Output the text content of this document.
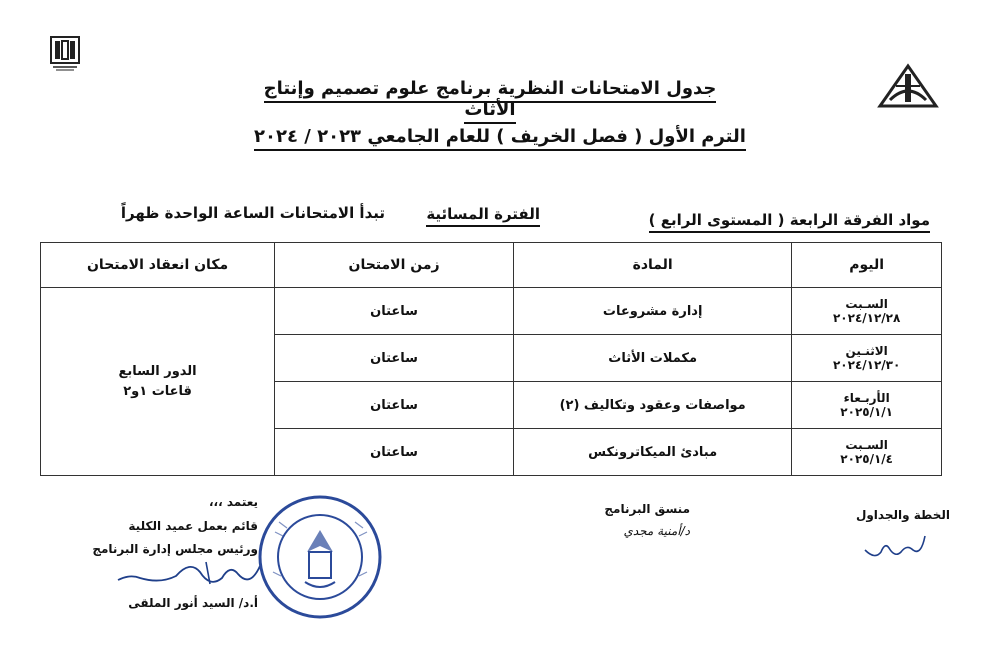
جدول الامتحانات النظرية برنامج علوم تصميم وإنتاج الأثاث
الترم الأول ( فصل الخريف ) للعام الجامعي ٢٠٢٣ / ٢٠٢٤
مواد الفرقة الرابعة ( المستوى الرابع )
الفترة المسائية
تبدأ الامتحانات الساعة الواحدة ظهراً
اليوم	المادة	زمن الامتحان	مكان انعقاد الامتحان

السـبت
٢٠٢٤/١٢/٢٨	إدارة مشروعات	ساعتان	الدور السابع
قاعات ١و٢

الاثنـين
٢٠٢٤/١٢/٣٠	مكملات الأثاث	ساعتان	

الأربـعاء
٢٠٢٥/١/١	مواصفات وعقود وتكاليف (٢)	ساعتان	

السـبت
٢٠٢٥/١/٤	مبادئ الميكاترونكس	ساعتان	
الخطة والجداول
منسق البرنامج
د/أمنية مجدي
يعتمد ،،،
قائم بعمل عميد الكلية
ورئيس مجلس إدارة البرنامج
أ.د/ السيد أنور الملقى
